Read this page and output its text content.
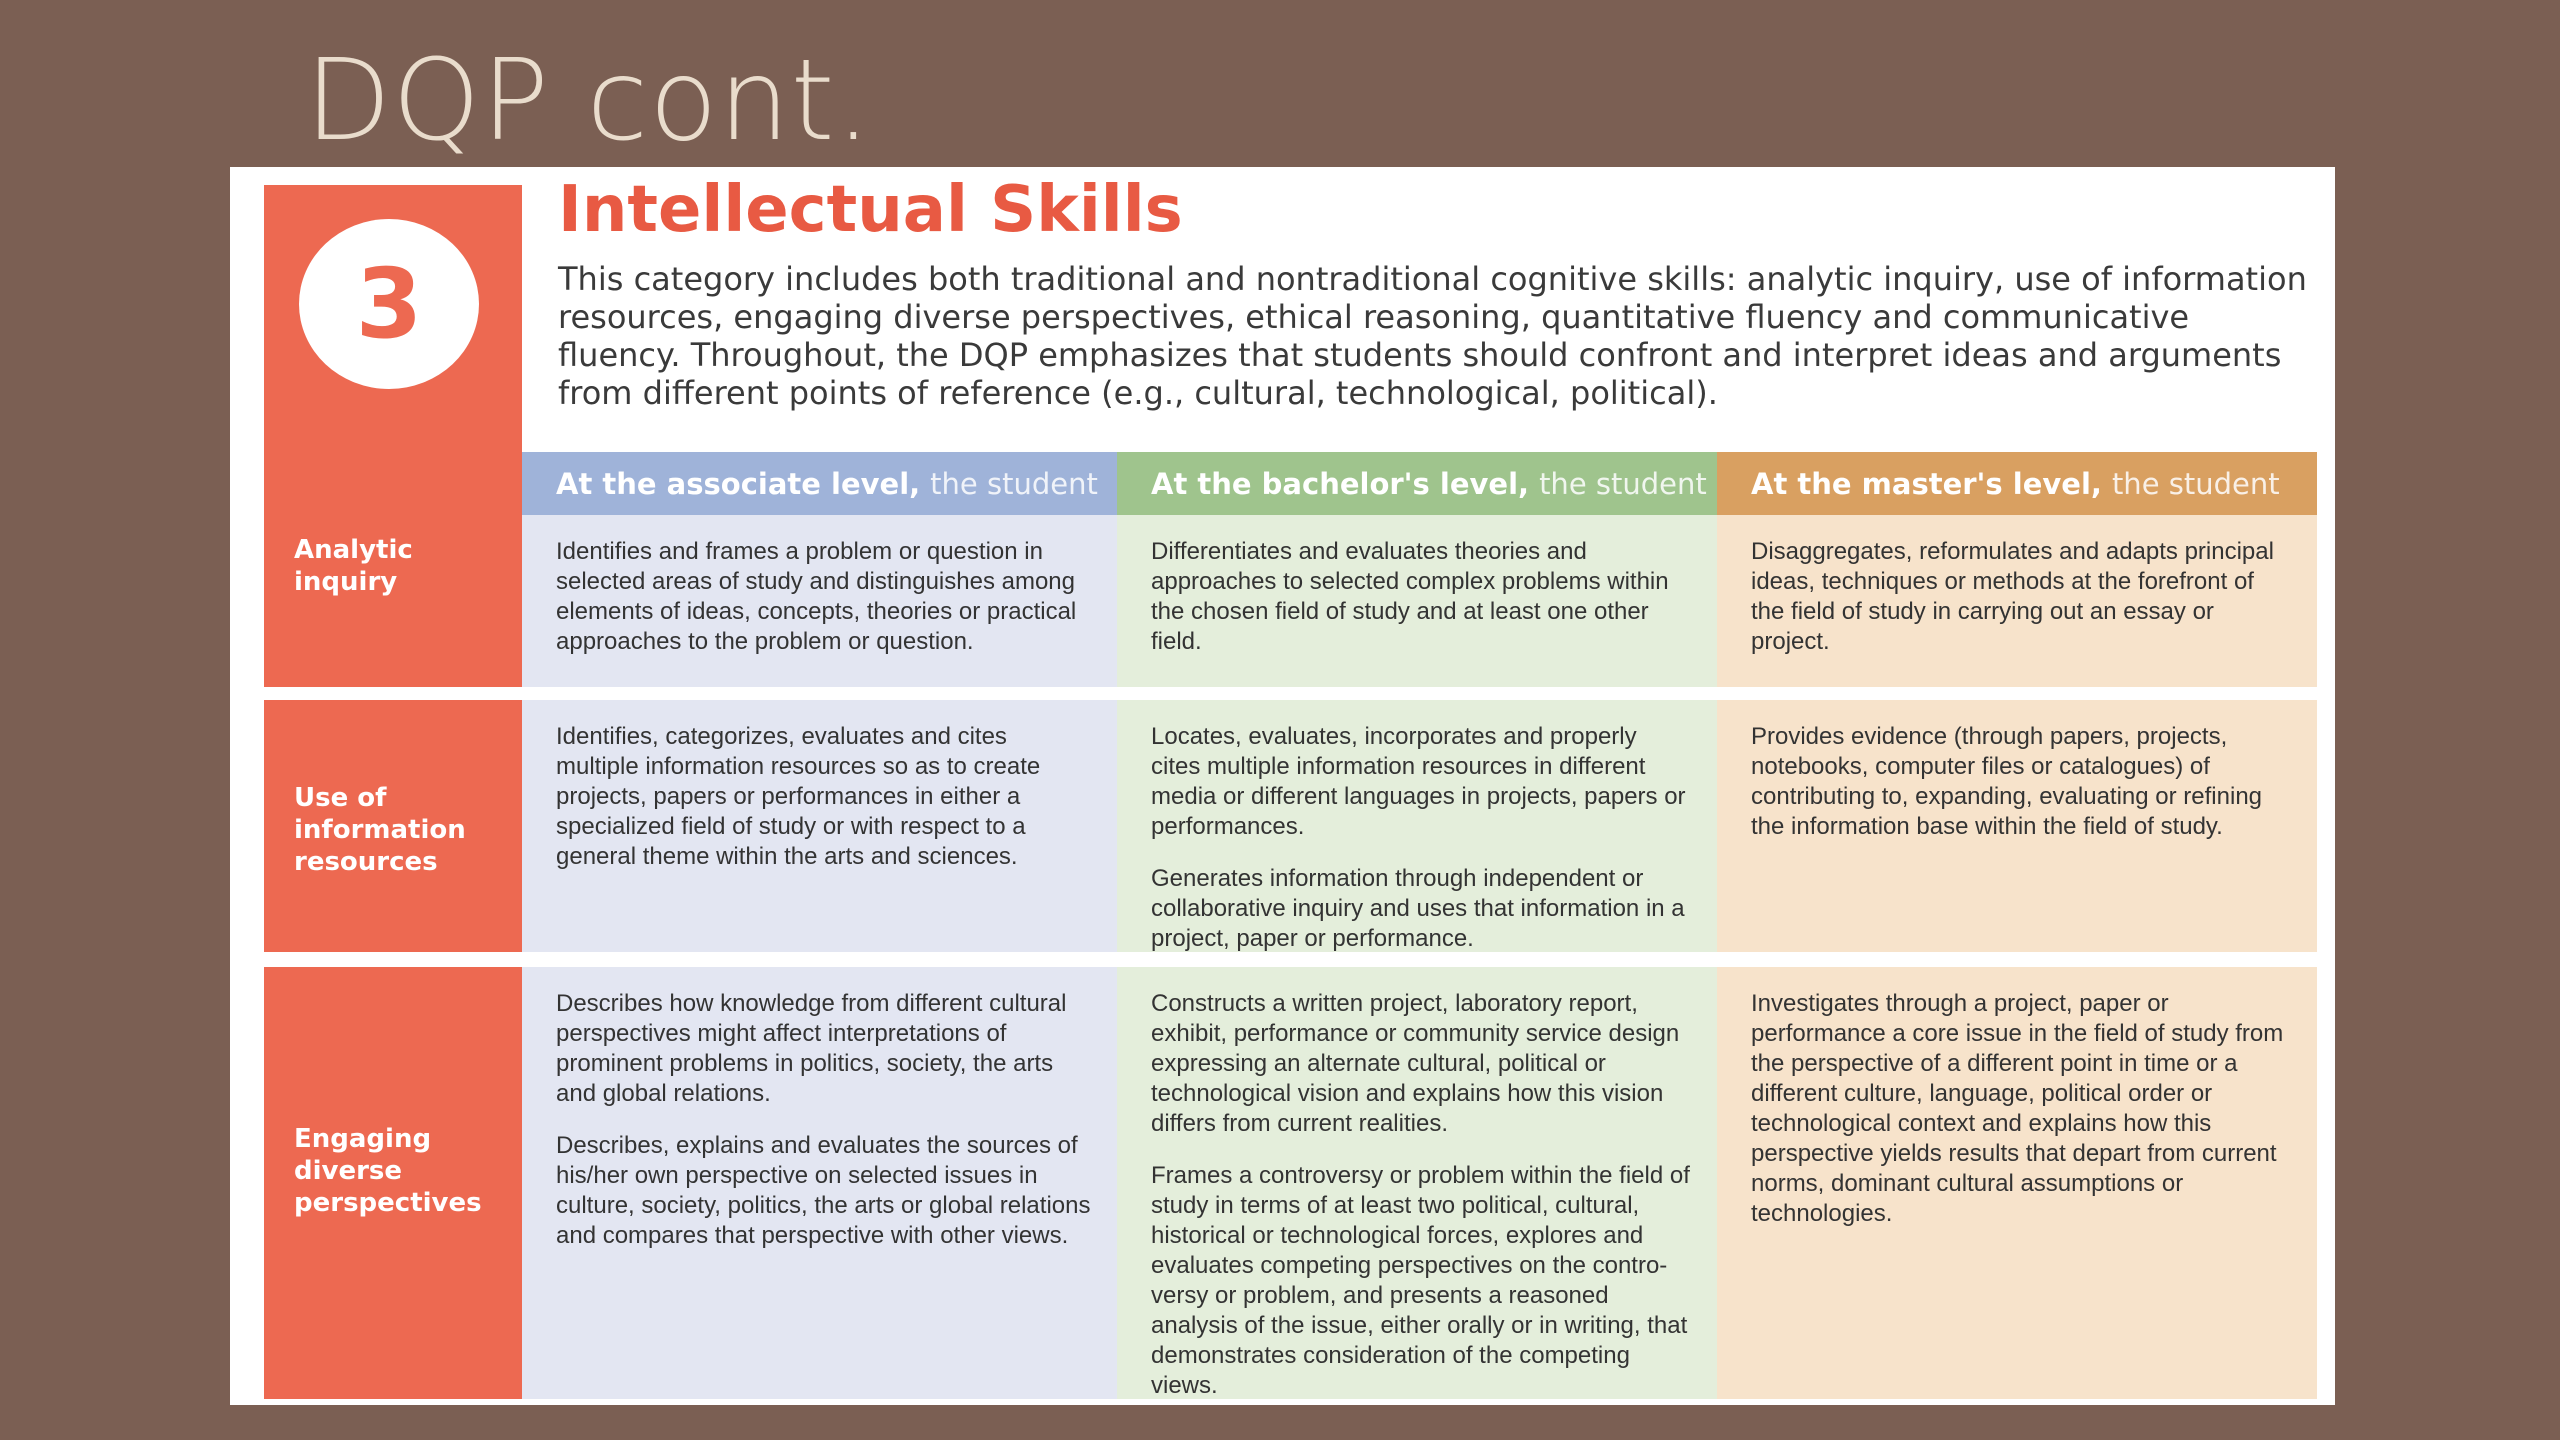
DQP cont.
3
Intellectual Skills

This category includes both traditional and nontraditional cognitive skills: analytic inquiry, use of information resources, engaging diverse perspectives, ethical reasoning, quantitative fluency and communicative fluency. Throughout, the DQP emphasizes that students should confront and interpret ideas and arguments from different points of reference (e.g., cultural, technological, political).

At the associate level, the student At the bachelor's level, the student At the master's level, the student
Analytic inquiry

Identifies and frames a problem or question in selected areas of study and distinguishes among elements of ideas, concepts, theories or practical approaches to the problem or question.

Differentiates and evaluates theories and approaches to selected complex problems within the chosen field of study and at least one other field.

Disaggregates, reformulates and adapts principal ideas, techniques or methods at the forefront of the field of study in carrying out an essay or project.

Use of information resources

Identifies, categorizes, evaluates and cites multiple information resources so as to create projects, papers or performances in either a specialized field of study or with respect to a general theme within the arts and sciences.

Locates, evaluates, incorporates and properly cites multiple information resources in different media or different languages in projects, papers or performances.

Generates information through independent or collaborative inquiry and uses that information in a project, paper or performance.

Provides evidence (through papers, projects, notebooks, computer files or catalogues) of contributing to, expanding, evaluating or refining the information base within the field of study.

Engaging diverse perspectives

Describes how knowledge from different cultural perspectives might affect interpretations of prominent problems in politics, society, the arts and global relations.

Describes, explains and evaluates the sources of his/her own perspective on selected issues in culture, society, politics, the arts or global relations and compares that perspective with other views.

Constructs a written project, laboratory report, exhibit, performance or community service design expressing an alternate cultural, political or technological vision and explains how this vision differs from current realities.

Frames a controversy or problem within the field of study in terms of at least two political, cultural, historical or technological forces, explores and evaluates competing perspectives on the contro-versy or problem, and presents a reasoned analysis of the issue, either orally or in writing, that demonstrates consideration of the competing views.

Investigates through a project, paper or performance a core issue in the field of study from the perspective of a different point in time or a different culture, language, political order or technological context and explains how this perspective yields results that depart from current norms, dominant cultural assumptions or technologies.
